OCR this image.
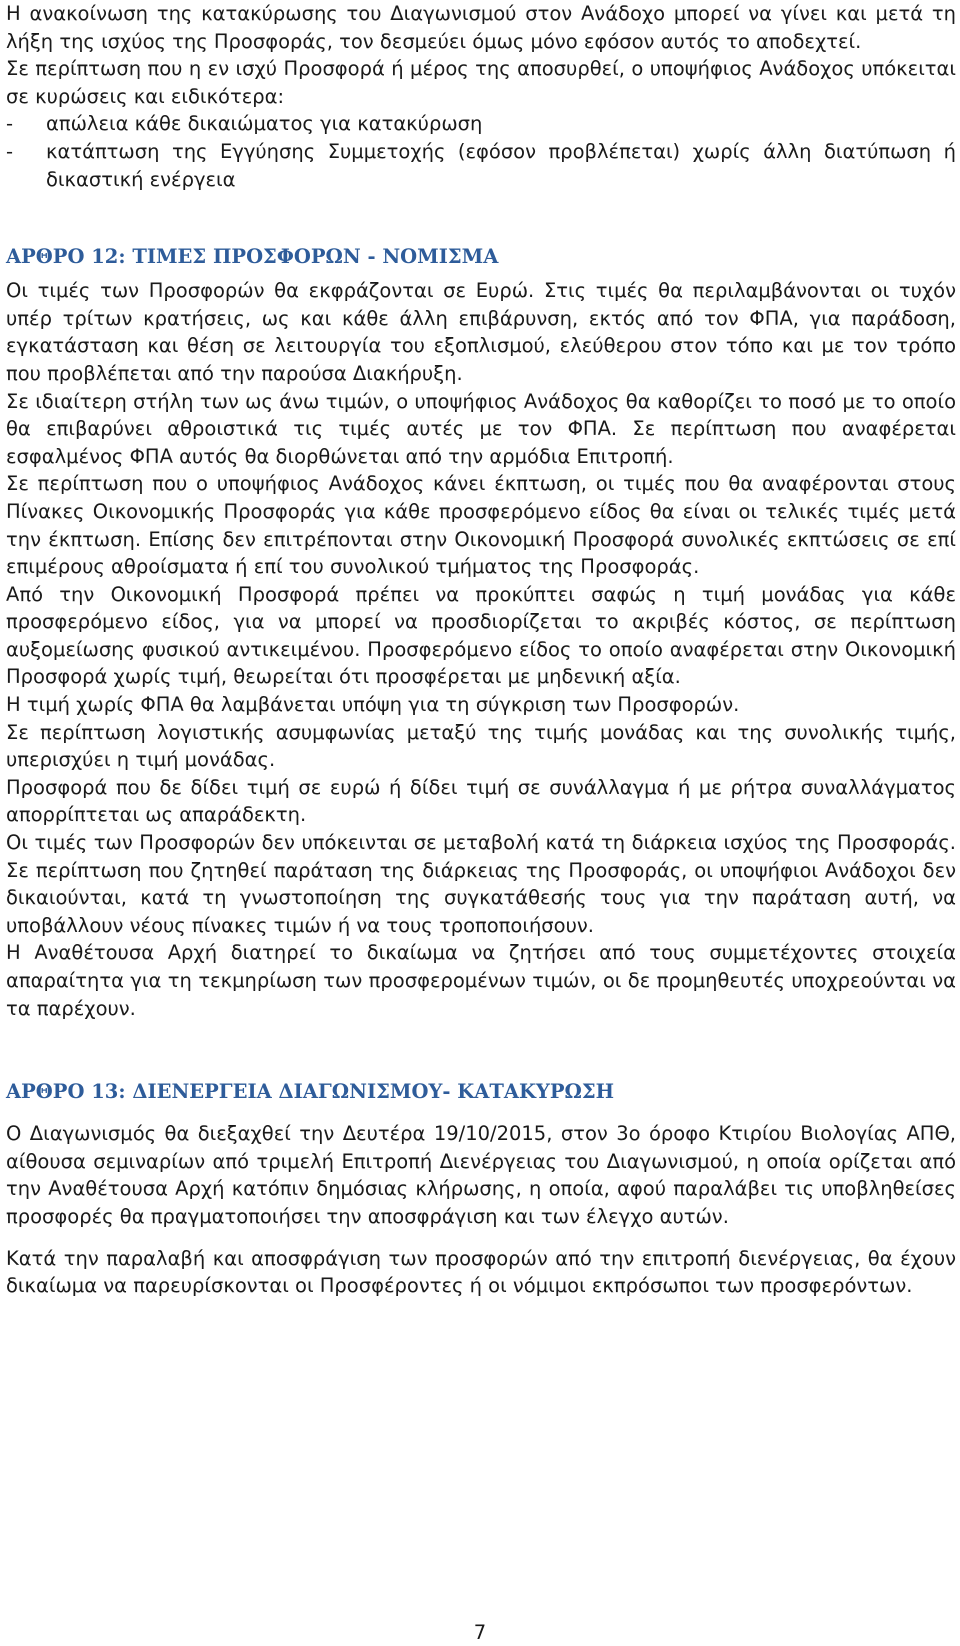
Η ανακοίνωση της κατακύρωσης του Διαγωνισμού στον Ανάδοχο μπορεί να γίνει και μετά τη λήξη της ισχύος της Προσφοράς, τον δεσμεύει όμως μόνο εφόσον αυτός το αποδεχτεί.

Σε περίπτωση που η εν ισχύ Προσφορά ή μέρος της αποσυρθεί, ο υποψήφιος Ανάδοχος υπόκειται σε κυρώσεις και ειδικότερα:

-	απώλεια κάθε δικαιώματος για κατακύρωση
-	κατάπτωση της Εγγύησης Συμμετοχής (εφόσον προβλέπεται) χωρίς άλλη διατύπωση ή δικαστική ενέργεια
ΑΡΘΡΟ 12: ΤΙΜΕΣ ΠΡΟΣΦΟΡΩΝ - ΝΟΜΙΣΜΑ

Οι τιμές των Προσφορών θα εκφράζονται σε Ευρώ. Στις τιμές θα περιλαμβάνονται οι τυχόν υπέρ τρίτων κρατήσεις, ως και κάθε άλλη επιβάρυνση, εκτός από τον ΦΠΑ, για παράδοση, εγκατάσταση και θέση σε λειτουργία του εξοπλισμού, ελεύθερου στον τόπο και με τον τρόπο που προβλέπεται από την παρούσα Διακήρυξη.

Σε ιδιαίτερη στήλη των ως άνω τιμών, ο υποψήφιος Ανάδοχος θα καθορίζει το ποσό με το οποίο θα επιβαρύνει αθροιστικά τις τιμές αυτές με τον ΦΠΑ. Σε περίπτωση που αναφέρεται εσφαλμένος ΦΠΑ αυτός θα διορθώνεται από την αρμόδια Επιτροπή.

Σε περίπτωση που ο υποψήφιος Ανάδοχος κάνει έκπτωση, οι τιμές που θα αναφέρονται στους Πίνακες Οικονομικής Προσφοράς για κάθε προσφερόμενο είδος θα είναι οι τελικές τιμές μετά την έκπτωση. Επίσης δεν επιτρέπονται στην Οικονομική Προσφορά συνολικές εκπτώσεις σε επί επιμέρους αθροίσματα ή επί του συνολικού τμήματος της Προσφοράς.

Από την Οικονομική Προσφορά πρέπει να προκύπτει σαφώς η τιμή μονάδας για κάθε προσφερόμενο είδος, για να μπορεί να προσδιορίζεται το ακριβές κόστος, σε περίπτωση αυξομείωσης φυσικού αντικειμένου. Προσφερόμενο είδος το οποίο αναφέρεται στην Οικονομική Προσφορά χωρίς τιμή, θεωρείται ότι προσφέρεται με μηδενική αξία.

Η τιμή χωρίς ΦΠΑ θα λαμβάνεται υπόψη για τη σύγκριση των Προσφορών.

Σε περίπτωση λογιστικής ασυμφωνίας μεταξύ της τιμής μονάδας και της συνολικής τιμής, υπερισχύει η τιμή μονάδας.

Προσφορά που δε δίδει τιμή σε ευρώ ή δίδει τιμή σε συνάλλαγμα ή με ρήτρα συναλλάγματος απορρίπτεται ως απαράδεκτη.

Οι τιμές των Προσφορών δεν υπόκεινται σε μεταβολή κατά τη διάρκεια ισχύος της Προσφοράς. Σε περίπτωση που ζητηθεί παράταση της διάρκειας της Προσφοράς, οι υποψήφιοι Ανάδοχοι δεν δικαιούνται, κατά τη γνωστοποίηση της συγκατάθεσής τους για την παράταση αυτή, να υποβάλλουν νέους πίνακες τιμών ή να τους τροποποιήσουν.

Η Αναθέτουσα Αρχή διατηρεί το δικαίωμα να ζητήσει από τους συμμετέχοντες στοιχεία απαραίτητα για τη τεκμηρίωση των προσφερομένων τιμών, οι δε προμηθευτές υποχρεούνται να τα παρέχουν.

ΑΡΘΡΟ 13: ΔΙΕΝΕΡΓΕΙΑ ΔΙΑΓΩΝΙΣΜΟΥ- ΚΑΤΑΚΥΡΩΣΗ

Ο Διαγωνισμός θα διεξαχθεί την Δευτέρα 19/10/2015, στον 3ο όροφο Κτιρίου Βιολογίας ΑΠΘ, αίθουσα σεμιναρίων από τριμελή Επιτροπή Διενέργειας του Διαγωνισμού, η οποία ορίζεται από την Αναθέτουσα Αρχή κατόπιν δημόσιας κλήρωσης, η οποία, αφού παραλάβει τις υποβληθείσες προσφορές θα πραγματοποιήσει την αποσφράγιση και των έλεγχο αυτών.

Κατά την παραλαβή και αποσφράγιση των προσφορών από την επιτροπή διενέργειας, θα έχουν δικαίωμα να παρευρίσκονται οι Προσφέροντες ή οι νόμιμοι εκπρόσωποι των προσφερόντων.

7
